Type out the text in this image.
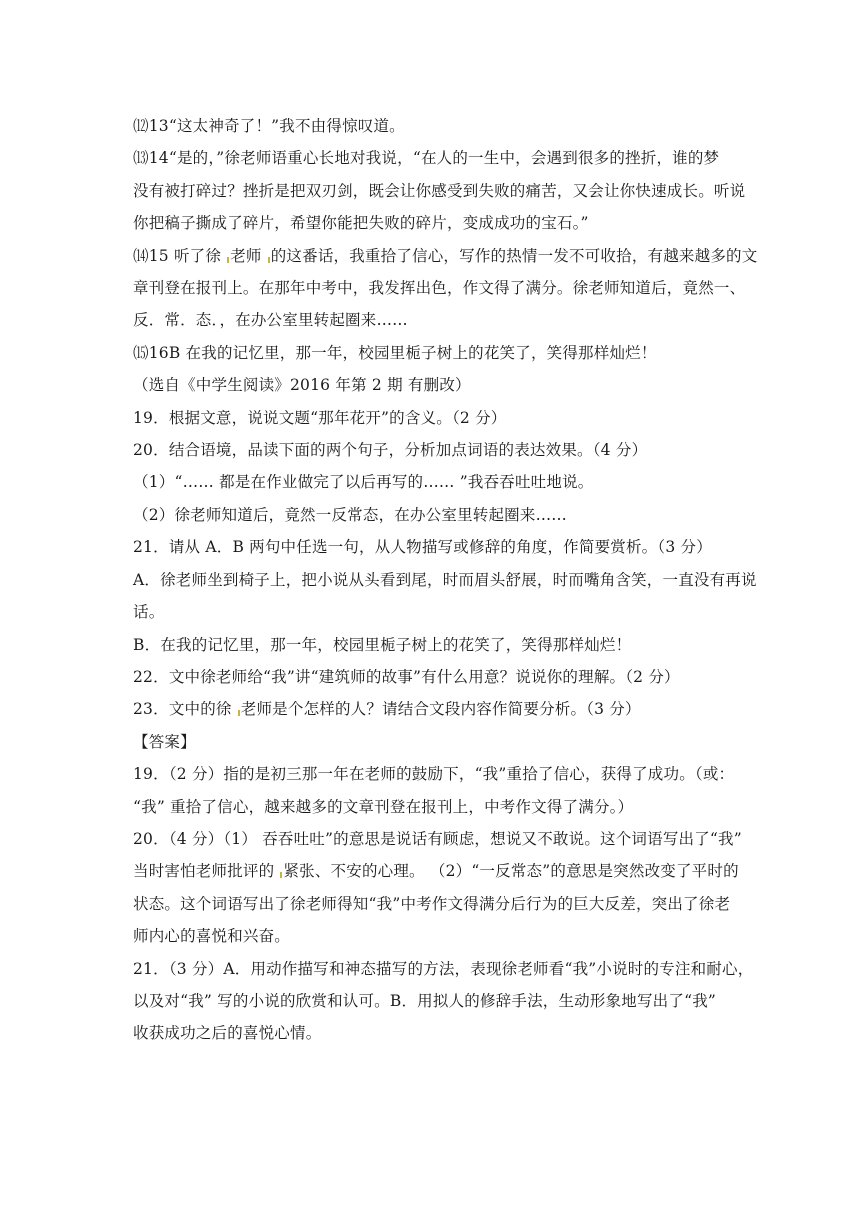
⑿13“这太神奇了！”我不由得惊叹道。
⒀14“是的，”徐老师语重心长地对我说，“在人的一生中，会遇到很多的挫折，谁的梦
没有被打碎过？挫折是把双刃剑，既会让你感受到失败的痛苦，又会让你快速成长。听说
你把稿子撕成了碎片，希望你能把失败的碎片，变成成功的宝石。”
⒁15 听了徐 老师 的这番话，我重拾了信心，写作的热情一发不可收拾，有越来越多的文
章刊登在报刊上。在那年中考中，我发挥出色，作文得了满分。徐老师知道后，竟然一、
反．常．态．，在办公室里转起圈来……
⒂16B 在我的记忆里，那一年，校园里栀子树上的花笑了，笑得那样灿烂！
（选自《中学生阅读》2016 年第 2 期 有删改）
19．根据文意，说说文题“那年花开”的含义。（2 分）
20．结合语境，品读下面的两个句子，分析加点词语的表达效果。（4 分）
（1）“…… 都是在作业做完了以后再写的…… ”我吞吞吐吐地说。
（2）徐老师知道后，竟然一反常态，在办公室里转起圈来……
21．请从 A．B 两句中任选一句，从人物描写或修辞的角度，作简要赏析。（3 分）
A．徐老师坐到椅子上，把小说从头看到尾，时而眉头舒展，时而嘴角含笑，一直没有再说
话。
B．在我的记忆里，那一年，校园里栀子树上的花笑了，笑得那样灿烂！
22．文中徐老师给“我”讲“建筑师的故事”有什么用意？说说你的理解。（2 分）
23．文中的徐 老师是个怎样的人？请结合文段内容作简要分析。（3 分）
【答案】
19．（2 分）指的是初三那一年在老师的鼓励下，“我”重拾了信心，获得了成功。（或：
“我” 重拾了信心，越来越多的文章刊登在报刊上，中考作文得了满分。）
20．（4 分）（1） 吞吞吐吐”的意思是说话有顾虑，想说又不敢说。这个词语写出了“我”
当时害怕老师批评的 紧张、不安的心理。 （2）“一反常态”的意思是突然改变了平时的
状态。这个词语写出了徐老师得知“我”中考作文得满分后行为的巨大反差，突出了徐老
师内心的喜悦和兴奋。
21．（3 分）A．用动作描写和神态描写的方法，表现徐老师看“我”小说时的专注和耐心，
以及对“我” 写的小说的欣赏和认可。B．用拟人的修辞手法，生动形象地写出了“我”
收获成功之后的喜悦心情。
